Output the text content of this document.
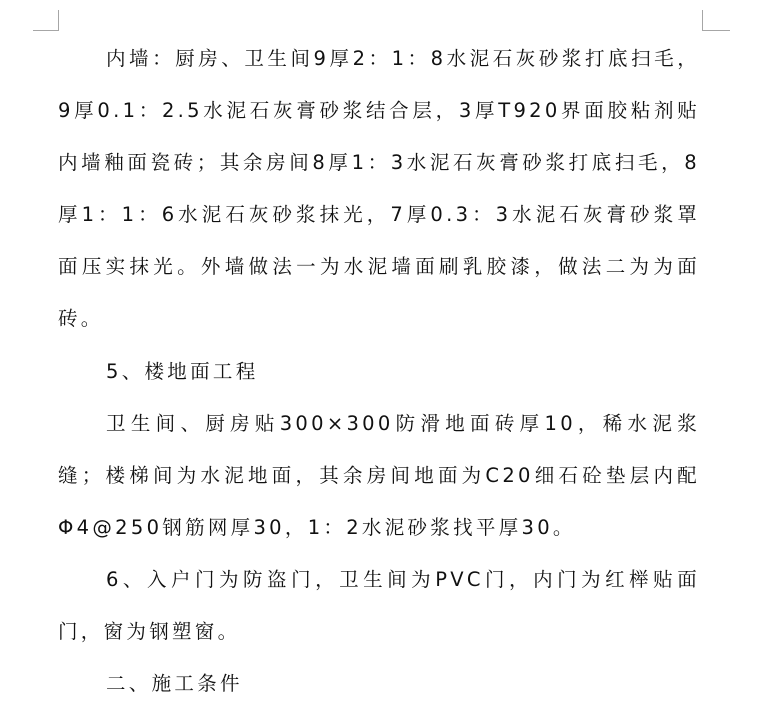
内墙：厨房、卫生间9厚2：1：8水泥石灰砂浆打底扫毛，9厚0.1：2.5水泥石灰膏砂浆结合层，3厚T920界面胶粘剂贴内墙釉面瓷砖；其余房间8厚1：3水泥石灰膏砂浆打底扫毛，8厚1：1：6水泥石灰砂浆抹光，7厚0.3：3水泥石灰膏砂浆罩面压实抹光。外墙做法一为水泥墙面刷乳胶漆，做法二为为面砖。

5、楼地面工程

卫生间、厨房贴300×300防滑地面砖厚10，稀水泥浆缝；楼梯间为水泥地面，其余房间地面为C20细石砼垫层内配Φ4@250钢筋网厚30，1：2水泥砂浆找平厚30。

6、入户门为防盗门，卫生间为PVC门，内门为红榉贴面门，窗为钢塑窗。

二、施工条件
